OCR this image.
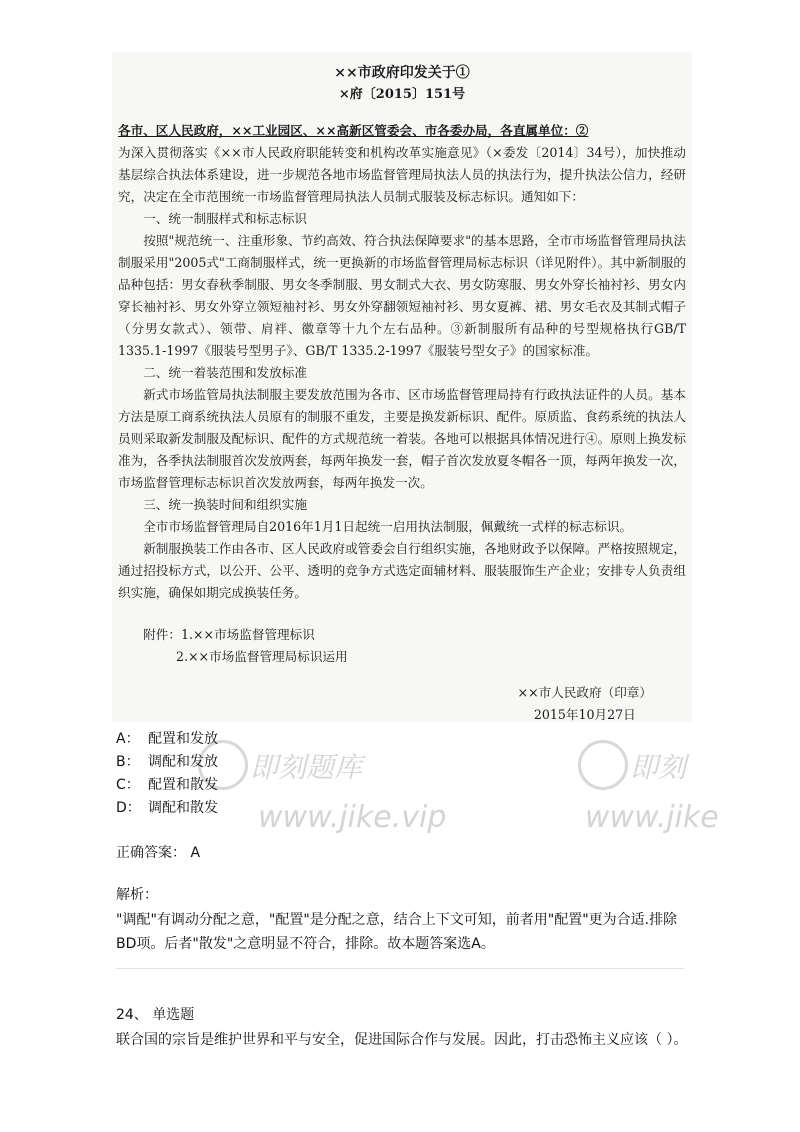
××市政府印发关于①
×府〔2015〕151号

各市、区人民政府，××工业园区、××高新区管委会、市各委办局，各直属单位：②

为深入贯彻落实《××市人民政府职能转变和机构改革实施意见》（×委发〔2014〕34号），加快推动基层综合执法体系建设，进一步规范各地市场监督管理局执法人员的执法行为，提升执法公信力，经研究，决定在全市范围统一市场监督管理局执法人员制式服装及标志标识。通知如下：

一、统一制服样式和标志标识

按照"规范统一、注重形象、节约高效、符合执法保障要求"的基本思路，全市市场监督管理局执法制服采用"2005式"工商制服样式，统一更换新的市场监督管理局标志标识（详见附件）。其中新制服的品种包括：男女春秋季制服、男女冬季制服、男女制式大衣、男女防寒服、男女外穿长袖衬衫、男女内穿长袖衬衫、男女外穿立领短袖衬衫、男女外穿翻领短袖衬衫、男女夏裤、裙、男女毛衣及其制式帽子（分男女款式）、领带、肩袢、徽章等十九个左右品种。③新制服所有品种的号型规格执行GB/T 1335.1-1997《服装号型男子》、GB/T 1335.2-1997《服装号型女子》的国家标准。

二、统一着装范围和发放标准

新式市场监管局执法制服主要发放范围为各市、区市场监督管理局持有行政执法证件的人员。基本方法是原工商系统执法人员原有的制服不重发，主要是换发新标识、配件。原质监、食药系统的执法人员则采取新发制服及配标识、配件的方式规范统一着装。各地可以根据具体情况进行④。原则上换发标准为，各季执法制服首次发放两套，每两年换发一套，帽子首次发放夏冬帽各一顶，每两年换发一次，市场监督管理标志标识首次发放两套，每两年换发一次。

三、统一换装时间和组织实施

全市市场监督管理局自2016年1月1日起统一启用执法制服，佩戴统一式样的标志标识。

新制服换装工作由各市、区人民政府或管委会自行组织实施，各地财政予以保障。严格按照规定，通过招投标方式，以公开、公平、透明的竞争方式选定面辅材料、服装服饰生产企业；安排专人负责组织实施，确保如期完成换装任务。

附件：1.××市场监督管理标识
2.××市场监督管理局标识运用
××市人民政府（印章）
2015年10月27日
即刻题库
www.jike.vip
即刻
www.jike
A： 配置和发放
B： 调配和发放
C： 配置和散发
D： 调配和散发
正确答案： A
解析：
"调配"有调动分配之意，"配置"是分配之意，结合上下文可知，前者用"配置"更为合适.排除BD项。后者"散发"之意明显不符合，排除。故本题答案选A。
24、 单选题
联合国的宗旨是维护世界和平与安全，促进国际合作与发展。因此，打击恐怖主义应该（ ）。
